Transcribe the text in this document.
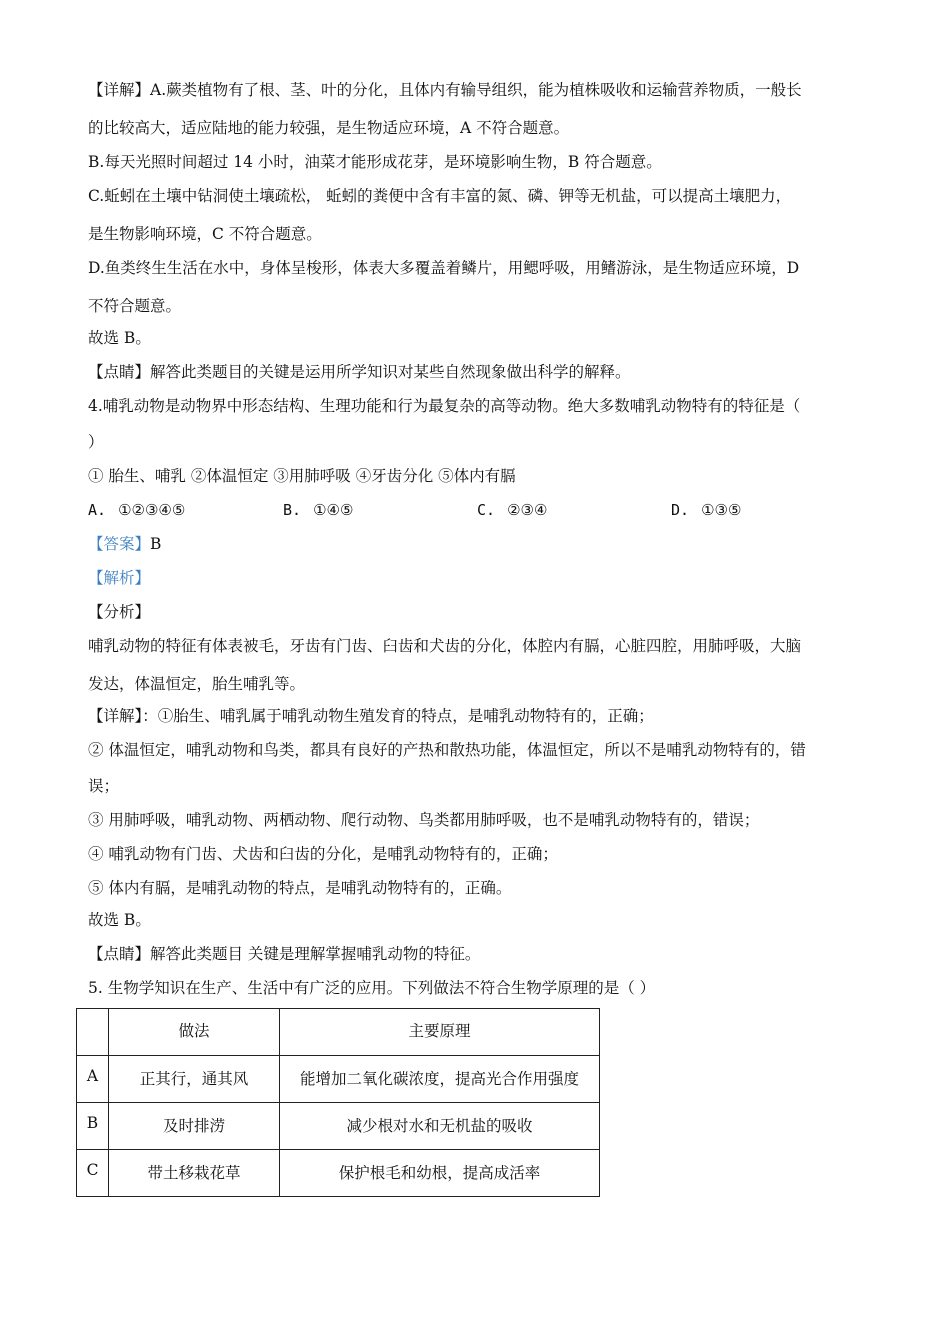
【详解】A.蕨类植物有了根、茎、叶的分化，且体内有输导组织，能为植株吸收和运输营养物质，一般长
的比较高大，适应陆地的能力较强，是生物适应环境，A 不符合题意。
B.每天光照时间超过 14 小时，油菜才能形成花芽，是环境影响生物，B 符合题意。
C.蚯蚓在土壤中钻洞使土壤疏松， 蚯蚓的粪便中含有丰富的氮、磷、钾等无机盐，可以提高土壤肥力，
是生物影响环境，C 不符合题意。
D.鱼类终生生活在水中，身体呈梭形，体表大多覆盖着鳞片，用鳃呼吸，用鳍游泳，是生物适应环境，D
不符合题意。
故选 B。
【点睛】解答此类题目的关键是运用所学知识对某些自然现象做出科学的解释。
4.哺乳动物是动物界中形态结构、生理功能和行为最复杂的高等动物。绝大多数哺乳动物特有的特征是（
）
① 胎生、哺乳 ②体温恒定 ③用肺呼吸 ④牙齿分化 ⑤体内有膈
A. ①②③④⑤	B. ①④⑤	C. ②③④	D. ①③⑤
【答案】B
【解析】
【分析】
哺乳动物的特征有体表被毛，牙齿有门齿、臼齿和犬齿的分化，体腔内有膈，心脏四腔，用肺呼吸，大脑
发达，体温恒定，胎生哺乳等。
【详解】：①胎生、哺乳属于哺乳动物生殖发育的特点，是哺乳动物特有的，正确；
② 体温恒定，哺乳动物和鸟类，都具有良好的产热和散热功能，体温恒定，所以不是哺乳动物特有的，错
误；
③ 用肺呼吸，哺乳动物、两栖动物、爬行动物、鸟类都用肺呼吸，也不是哺乳动物特有的，错误；
④ 哺乳动物有门齿、犬齿和臼齿的分化，是哺乳动物特有的，正确；
⑤ 体内有膈，是哺乳动物的特点，是哺乳动物特有的，正确。
故选 B。
【点睛】解答此类题目 关键是理解掌握哺乳动物的特征。
5. 生物学知识在生产、生活中有广泛的应用。下列做法不符合生物学原理的是（ ）
	做法	主要原理
A	正其行，通其风	能增加二氧化碳浓度，提高光合作用强度
B	及时排涝	减少根对水和无机盐的吸收
C	带土移栽花草	保护根毛和幼根，提高成活率
